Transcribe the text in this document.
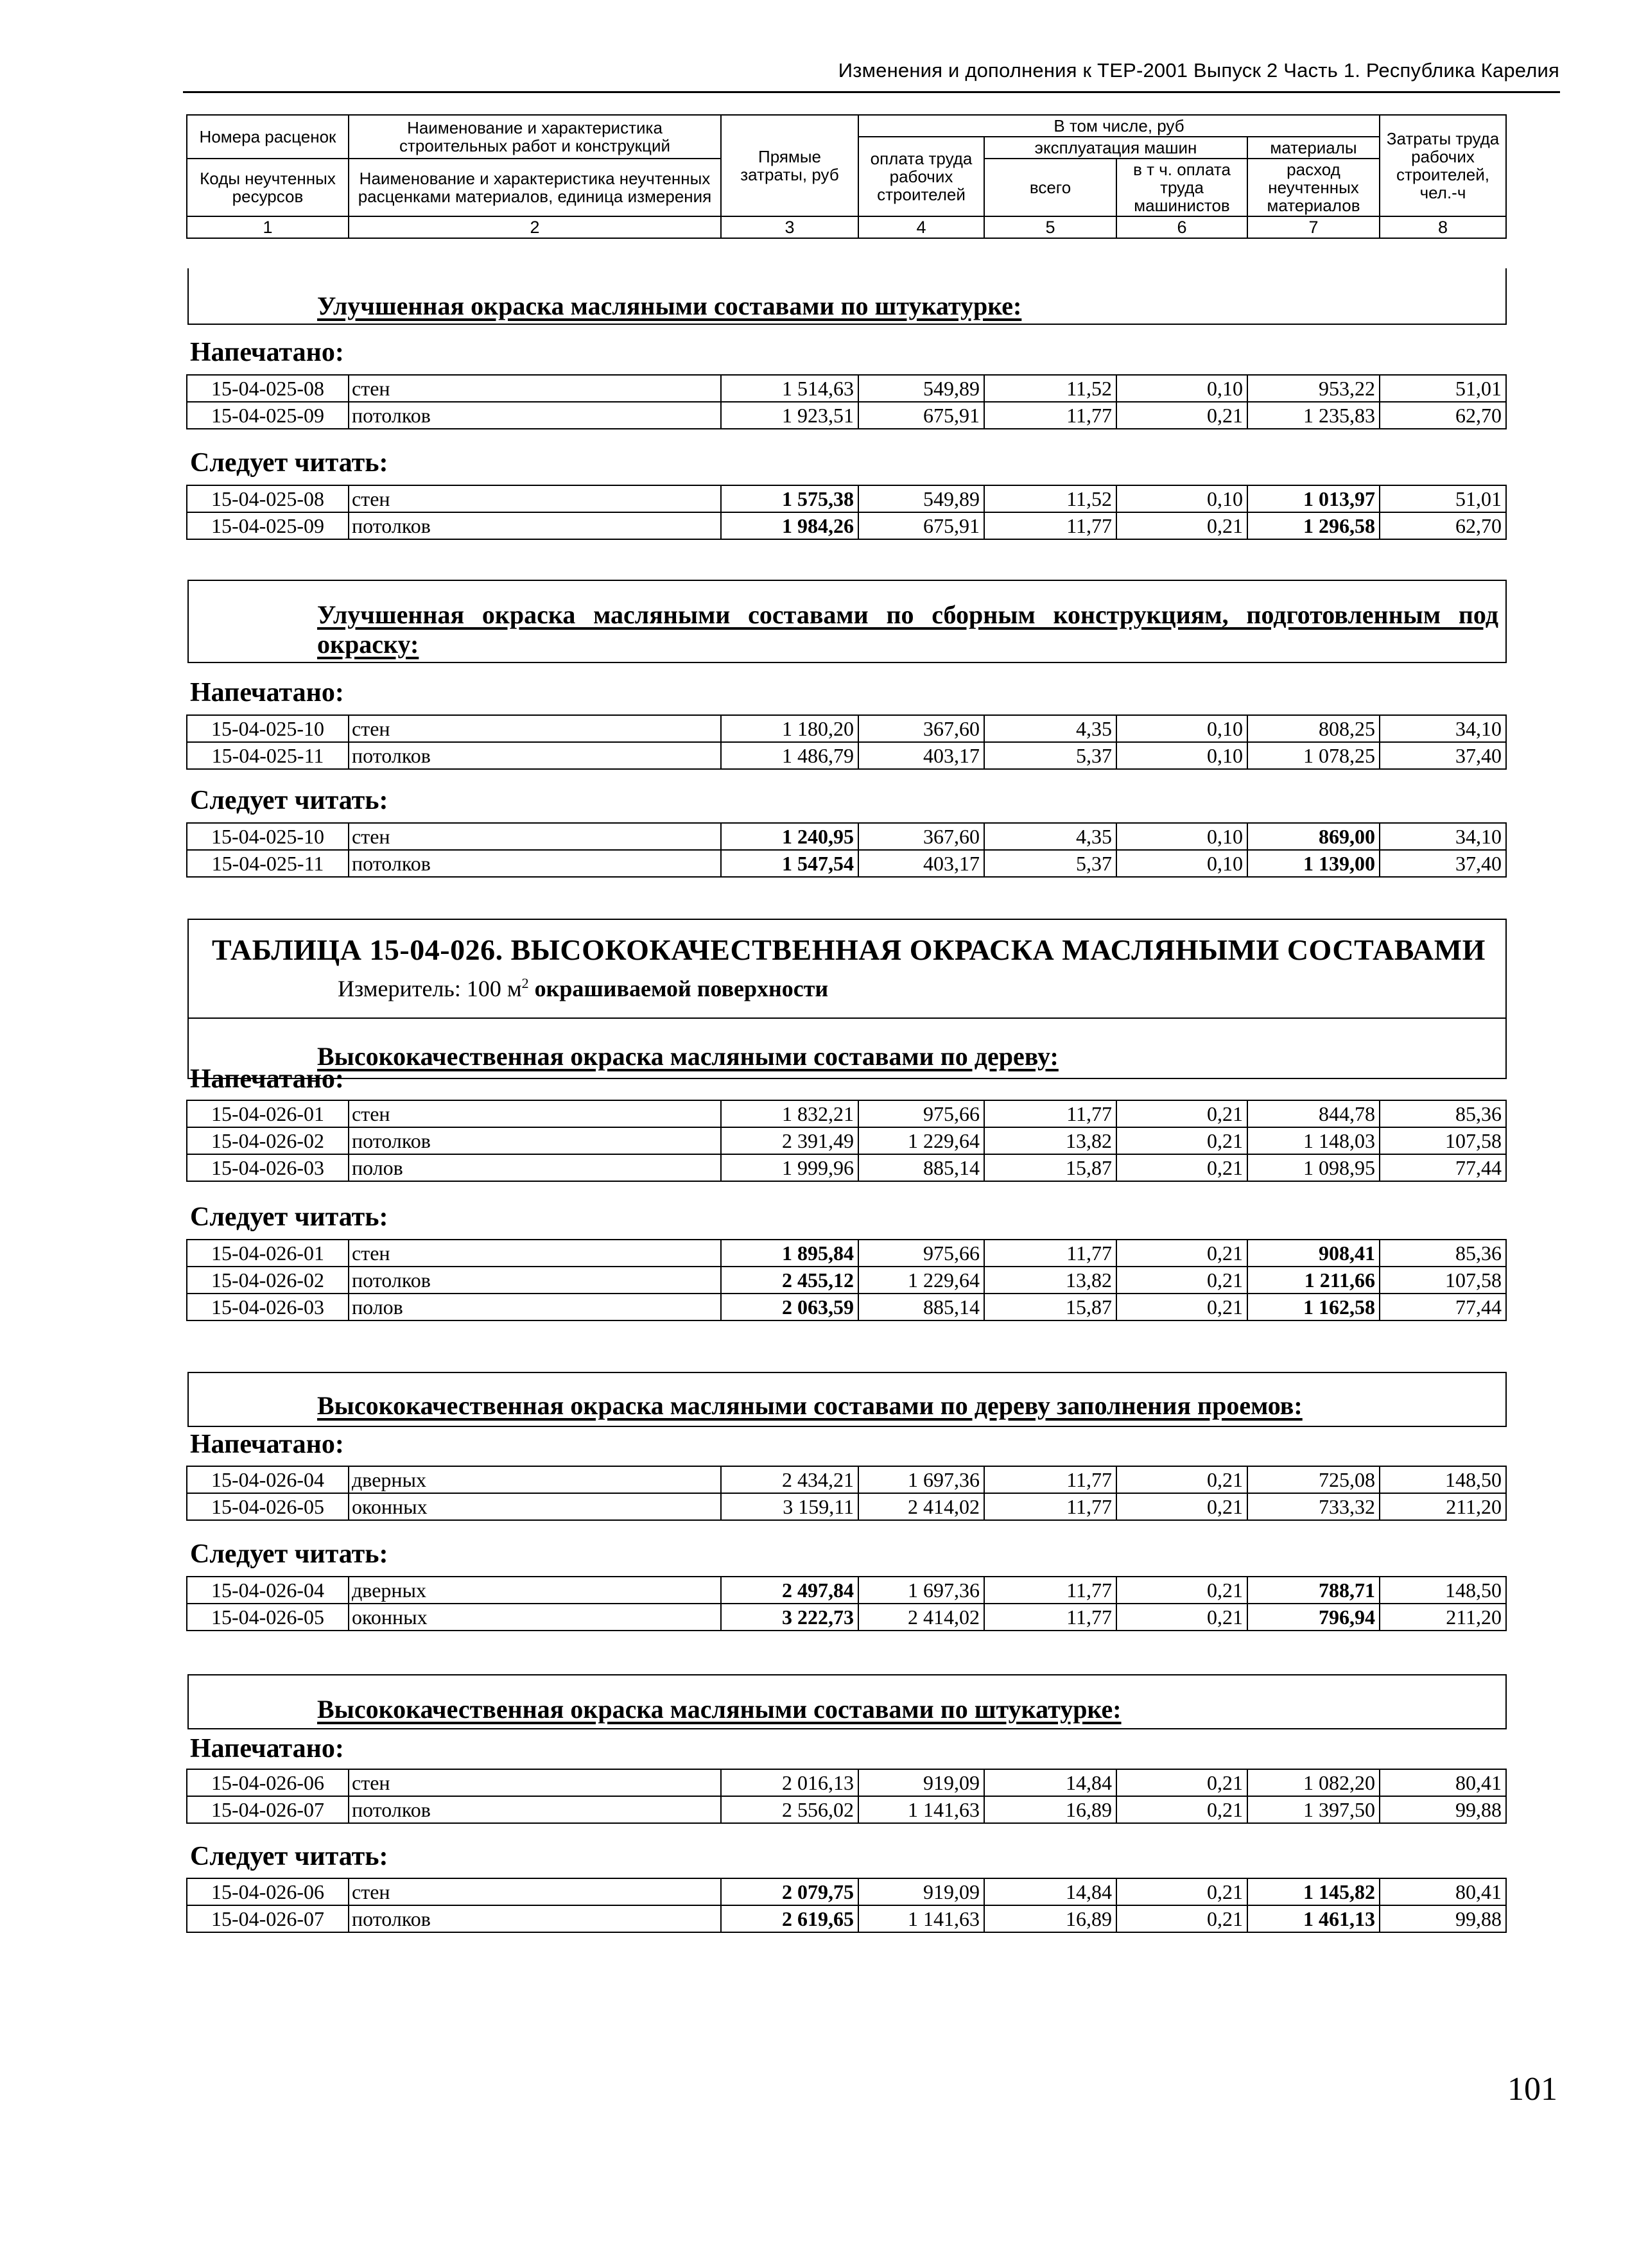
Изменения и дополнения к ТЕР-2001 Выпуск 2 Часть 1. Республика Карелия
Номера расценок	Наименование и характеристика строительных работ и конструкций	Прямые затраты, руб	В том числе, руб				Затраты труда рабочих строителей, чел.-ч
			оплата труда рабочих строителей	эксплуатация машин		материалы	
Коды неучтенных ресурсов	Наименование и характеристика неучтенных расценками материалов, единица измерения			всего	в т ч. оплата труда машинистов	расход неучтенных материалов	

1	2	3	4	5	6	7	8
Улучшенная окраска масляными составами по штукатурке:
Напечатано:
15-04-025-08	стен	1 514,63	549,89	11,52	0,10	953,22	51,01
15-04-025-09	потолков	1 923,51	675,91	11,77	0,21	1 235,83	62,70
Следует читать:
15-04-025-08	стен	1 575,38	549,89	11,52	0,10	1 013,97	51,01
15-04-025-09	потолков	1 984,26	675,91	11,77	0,21	1 296,58	62,70
Улучшенная окраска масляными составами по сборным конструкциям, подготовленным под окраску:
Напечатано:
15-04-025-10	стен	1 180,20	367,60	4,35	0,10	808,25	34,10
15-04-025-11	потолков	1 486,79	403,17	5,37	0,10	1 078,25	37,40
Следует читать:
15-04-025-10	стен	1 240,95	367,60	4,35	0,10	869,00	34,10
15-04-025-11	потолков	1 547,54	403,17	5,37	0,10	1 139,00	37,40
ТАБЛИЦА 15-04-026. ВЫСОКОКАЧЕСТВЕННАЯ ОКРАСКА МАСЛЯНЫМИ СОСТАВАМИ
Измеритель: 100 $м^2$ окрашиваемой поверхности
Высококачественная окраска масляными составами по дереву:
Напечатано:
15-04-026-01	стен	1 832,21	975,66	11,77	0,21	844,78	85,36
15-04-026-02	потолков	2 391,49	1 229,64	13,82	0,21	1 148,03	107,58
15-04-026-03	полов	1 999,96	885,14	15,87	0,21	1 098,95	77,44
Следует читать:
15-04-026-01	стен	1 895,84	975,66	11,77	0,21	908,41	85,36
15-04-026-02	потолков	2 455,12	1 229,64	13,82	0,21	1 211,66	107,58
15-04-026-03	полов	2 063,59	885,14	15,87	0,21	1 162,58	77,44
Высококачественная окраска масляными составами по дереву заполнения проемов:
Напечатано:
15-04-026-04	дверных	2 434,21	1 697,36	11,77	0,21	725,08	148,50
15-04-026-05	оконных	3 159,11	2 414,02	11,77	0,21	733,32	211,20
Следует читать:
15-04-026-04	дверных	2 497,84	1 697,36	11,77	0,21	788,71	148,50
15-04-026-05	оконных	3 222,73	2 414,02	11,77	0,21	796,94	211,20
Высококачественная окраска масляными составами по штукатурке:
Напечатано:
15-04-026-06	стен	2 016,13	919,09	14,84	0,21	1 082,20	80,41
15-04-026-07	потолков	2 556,02	1 141,63	16,89	0,21	1 397,50	99,88
Следует читать:
15-04-026-06	стен	2 079,75	919,09	14,84	0,21	1 145,82	80,41
15-04-026-07	потолков	2 619,65	1 141,63	16,89	0,21	1 461,13	99,88
101
